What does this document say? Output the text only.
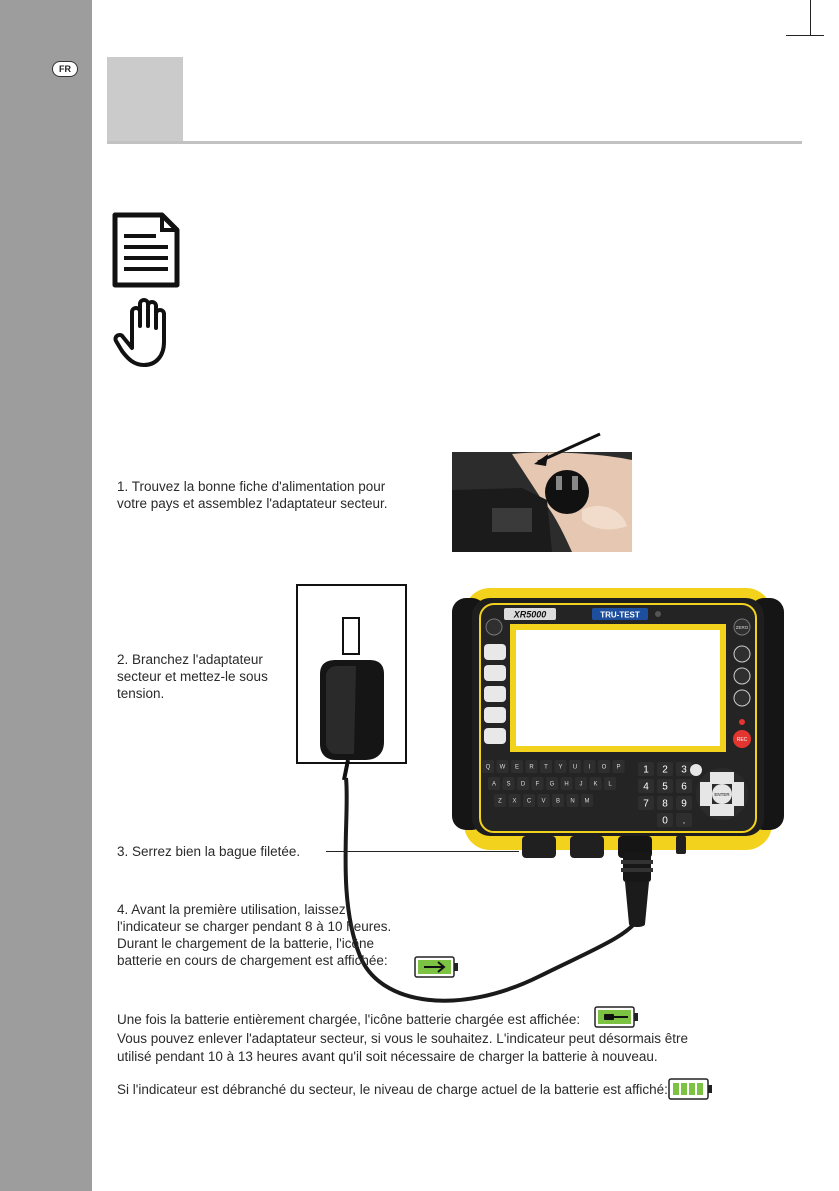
FR
1. Trouvez la bonne fiche d'alimentation pour
votre pays et assemblez l'adaptateur secteur.
2. Branchez l'adaptateur
secteur et mettez-le sous
tension.
XR5000	TRU-TEST
ZERO
REC
Q W E R T Y U I O P
A S D F G H J K L
Z X C V B N M
1 2 3
4 5 6
7 8 9
0 .
ENTER
3. Serrez bien la bague filetée.
4. Avant la première utilisation, laissez
l'indicateur se charger pendant 8 à 10 heures.
Durant le chargement de la batterie, l'icône
batterie en cours de chargement est affichée:
Une fois la batterie entièrement chargée, l'icône batterie chargée est affichée:
Vous pouvez enlever l'adaptateur secteur, si vous le souhaitez. L'indicateur peut désormais être
utilisé pendant 10 à 13 heures avant qu'il soit nécessaire de charger la batterie à nouveau.
Si l'indicateur est débranché du secteur, le niveau de charge actuel de la batterie est affiché:
